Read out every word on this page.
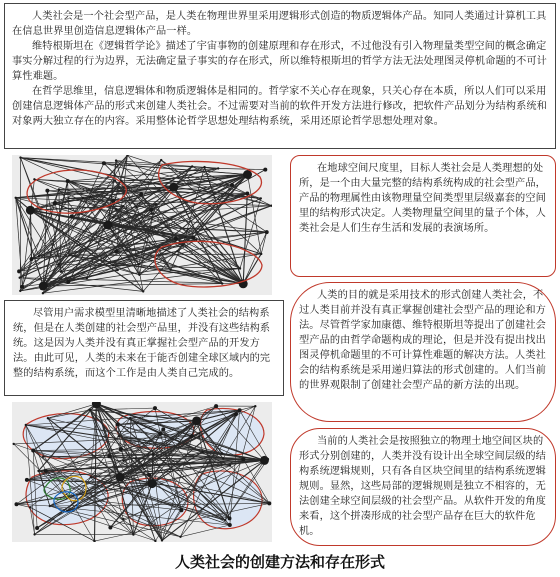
人类社会是一个社会型产品，是人类在物理世界里采用逻辑形式创造的物质逻辑体产品。知同人类通过计算机工具在信息世界里创造信息逻辑体产品一样。

维特根斯坦在《逻辑哲学论》描述了宇宙事物的创建原理和存在形式，不过他没有引入物理量类型空间的概念确定事实分解过程的行为边界，无法确定量子事实的存在形式，所以维特根斯坦的哲学方法无法处理图灵停机命题的不可计算性难题。

在哲学思维里，信息逻辑体和物质逻辑体是相同的。哲学家不关心存在现象，只关心存在本质，所以人们可以采用创建信息逻辑体产品的形式来创建人类社会。不过需要对当前的软件开发方法进行修改，把软件产品划分为结构系统和对象两大独立存在的内容。采用整体论哲学思想处理结构系统，采用还原论哲学思想处理对象。

在地球空间尺度里，目标人类社会是人类理想的处所，是一个由大量完整的结构系统构成的社会型产品，产品的物理属性由该物理量空间类型里层级嘉套的空间里的结构形式决定。人类物理量空间里的量子个体，人类社会是人们生存生活和发展的表演场所。

人类的目的就是采用技术的形式创建人类社会，不过人类目前并没有真正掌握创建社会型产品的理论和方法。尽管哲学家加康德、维特根斯坦等提出了创建社会型产品的由哲学命题构成的理论，但是并没有提出找出图灵停机命题里的不可计算性难题的解决方法。人类社会的结构系统是采用递归算法的形式创建的。人们当前的世界观限制了创建社会型产品的新方法的出现。

尽管用户需求模型里清晰地描述了人类社会的结构系统，但是在人类创建的社会型产品里，并没有这些结构系统。这是因为人类并没有真正掌握社会型产品的开发方法。由此可见，人类的未来在于能否创建全球区域内的完整的结构系统，而这个工作是由人类自己完成的。

当前的人类社会是按照独立的物理土地空间区块的形式分别创建的，人类并没有设计出全球空间层级的结构系统逻辑规则，只有各自区块空间里的结构系统逻辑规则。显然，这些局部的逻辑规则是独立不相容的，无法创建全球空间层级的社会型产品。从软件开发的角度来看，这个拼凑形成的社会型产品存在巨大的软件危机。

人类社会的创建方法和存在形式
